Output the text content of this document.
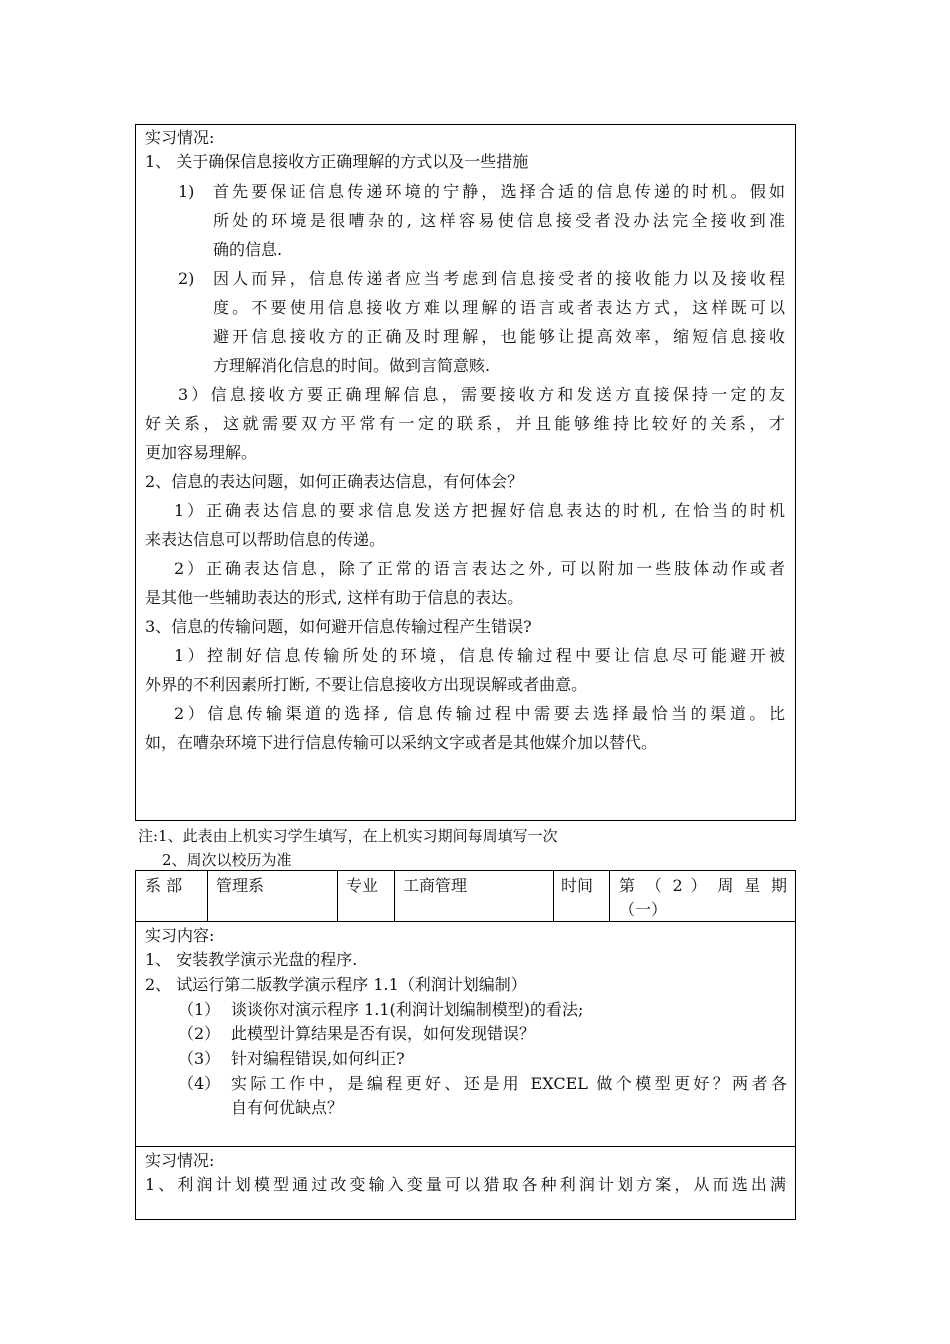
实习情况:
1、 关于确保信息接收方正确理解的方式以及一些措施
1) 首先要保证信息传递环境的宁静，选择合适的信息传递的时机。假如
所处的环境是很嘈杂的, 这样容易使信息接受者没办法完全接收到准
确的信息.
2) 因人而异，信息传递者应当考虑到信息接受者的接收能力以及接收程
度。不要使用信息接收方难以理解的语言或者表达方式，这样既可以
避开信息接收方的正确及时理解，也能够让提高效率，缩短信息接收
方理解消化信息的时间。做到言简意赅.
3）信息接收方要正确理解信息，需要接收方和发送方直接保持一定的友
好关系，这就需要双方平常有一定的联系，并且能够维持比较好的关系，才
更加容易理解。
2、信息的表达问题，如何正确表达信息，有何体会？
1）正确表达信息的要求信息发送方把握好信息表达的时机, 在恰当的时机
来表达信息可以帮助信息的传递。
2）正确表达信息，除了正常的语言表达之外, 可以附加一些肢体动作或者
是其他一些辅助表达的形式, 这样有助于信息的表达。
3、信息的传输问题，如何避开信息传输过程产生错误?
1）控制好信息传输所处的环境，信息传输过程中要让信息尽可能避开被
外界的不利因素所打断, 不要让信息接收方出现误解或者曲意。
2）信息传输渠道的选择, 信息传输过程中需要去选择最恰当的渠道。比
如，在嘈杂环境下进行信息传输可以采纳文字或者是其他媒介加以替代。
注:1、此表由上机实习学生填写，在上机实习期间每周填写一次
2、周次以校历为准
系 部 管理系	专业 工商管理	时间 第 （ 2 ） 周 星 期
（一）
实习内容:
1、 安装教学演示光盘的程序.
2、 试运行第二版教学演示程序 1.1（利润计划编制）
（1） 谈谈你对演示程序 1.1(利润计划编制模型)的看法;
（2） 此模型计算结果是否有误，如何发现错误？
（3） 针对编程错误,如何纠正?
（4） 实际工作中，是编程更好、还是用 EXCEL 做个模型更好？两者各
自有何优缺点？
实习情况:
1、利润计划模型通过改变输入变量可以猎取各种利润计划方案，从而选出满
